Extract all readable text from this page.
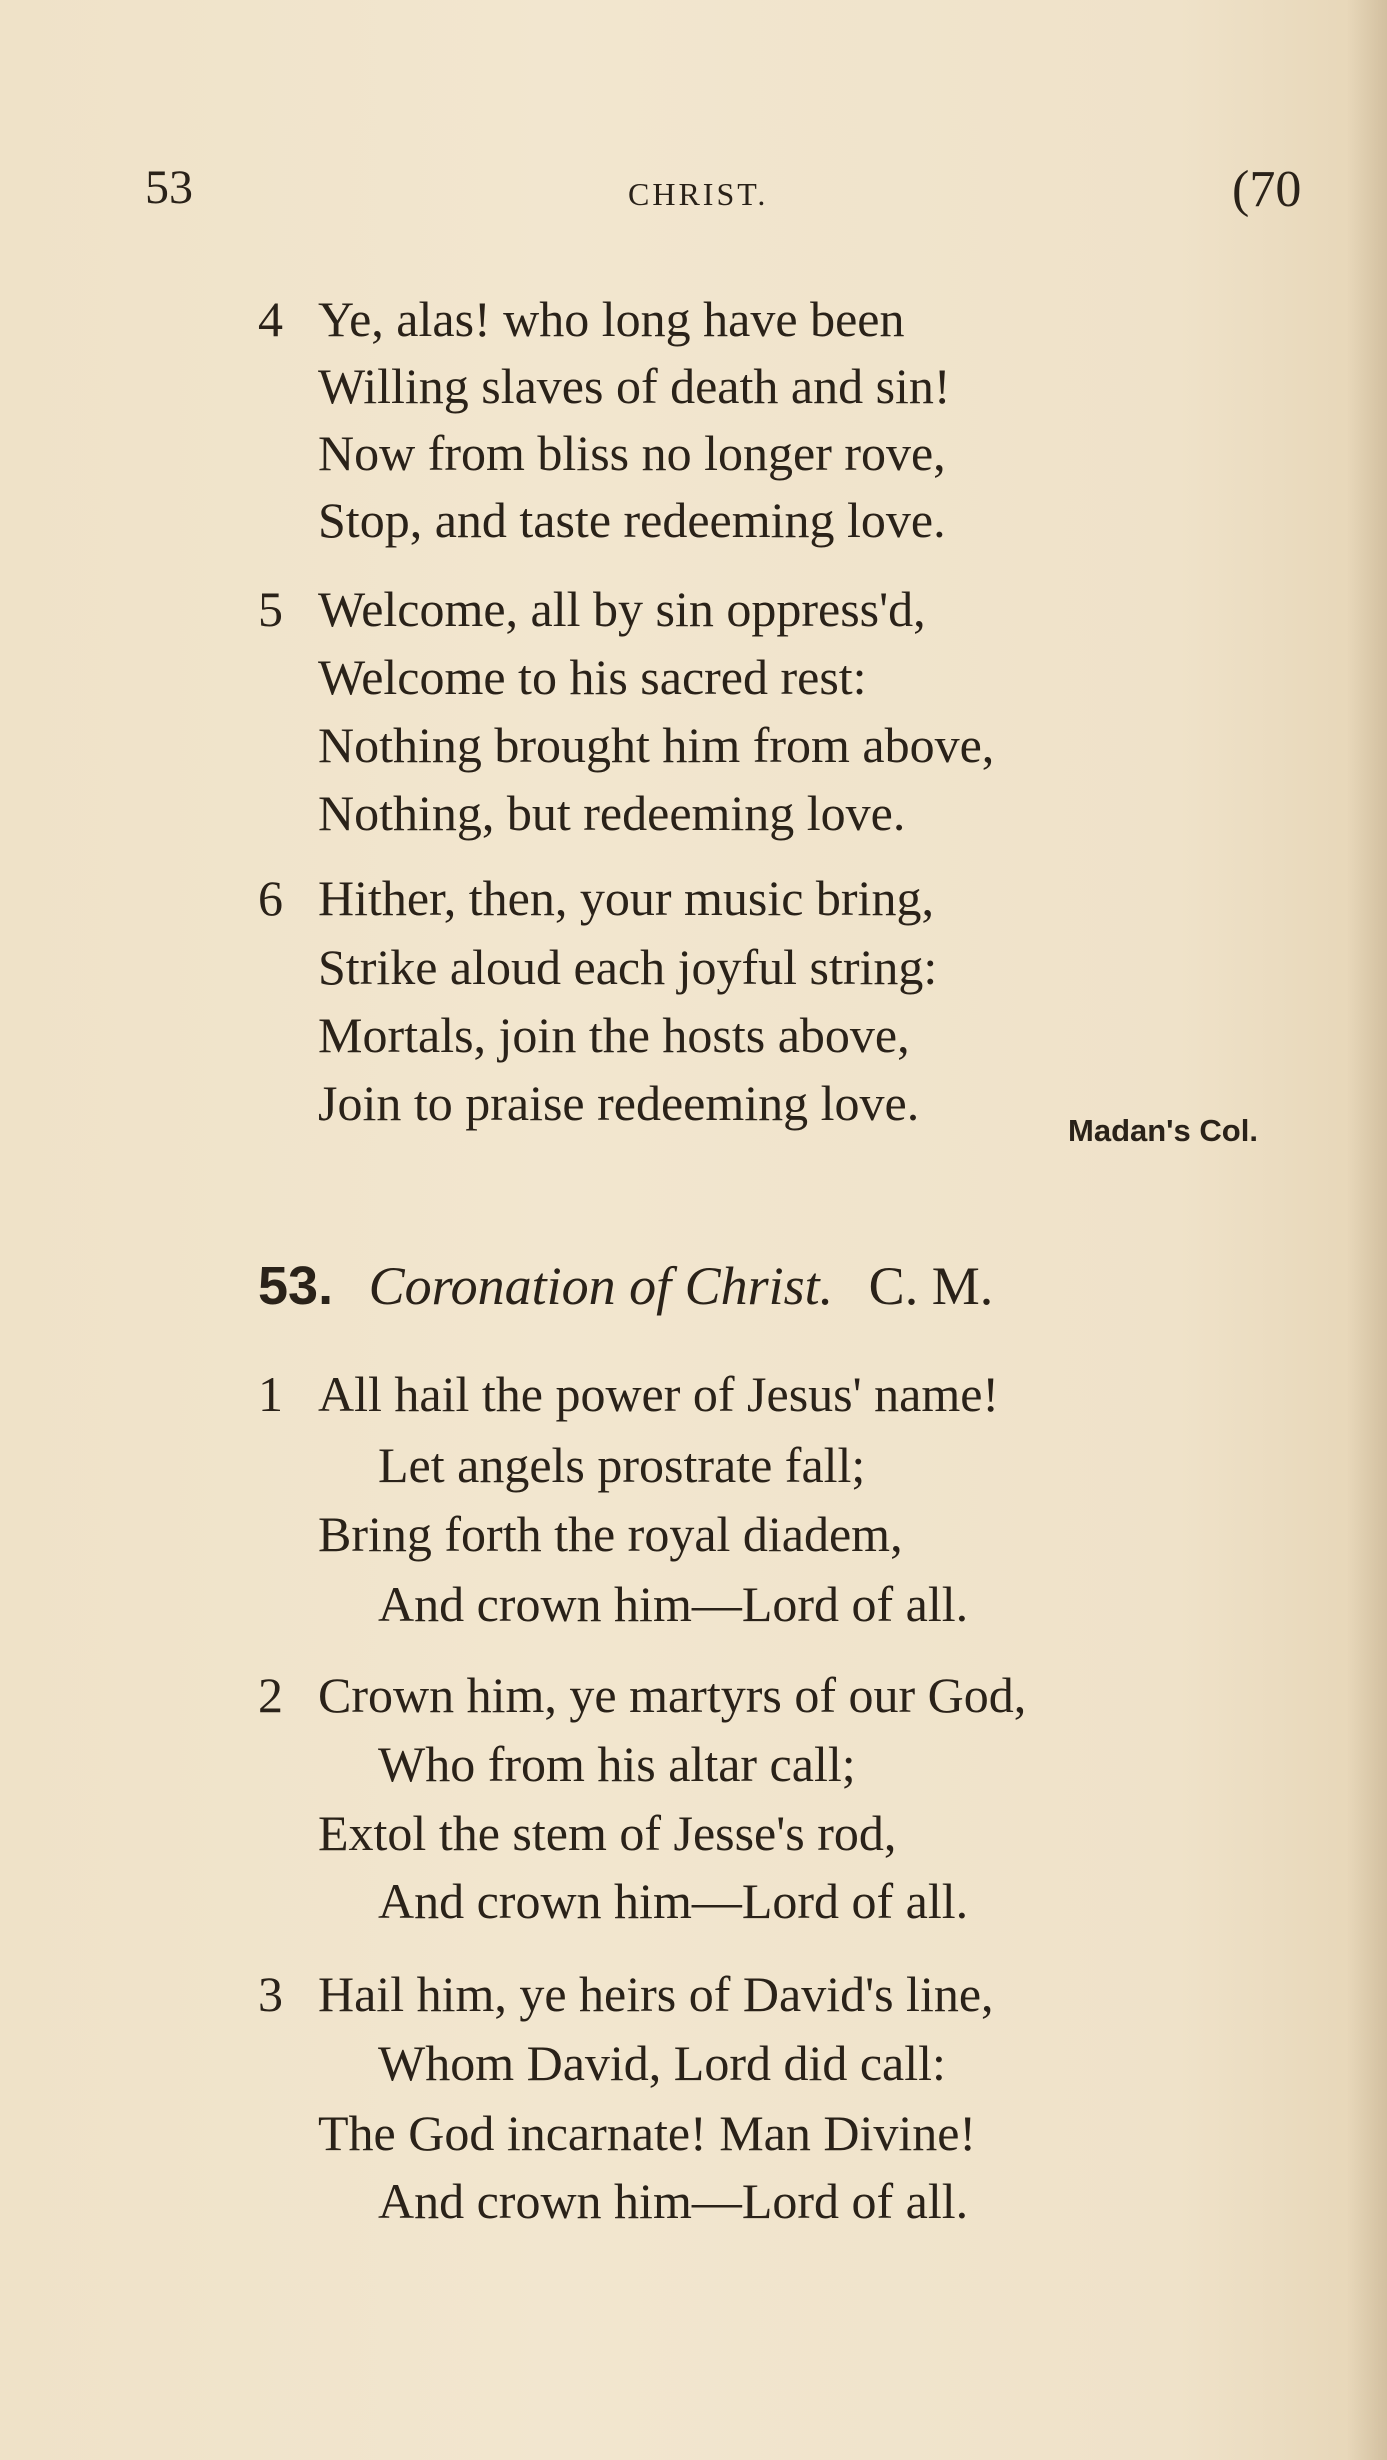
53	CHRIST.	(70
4 Ye, alas! who long have been
Willing slaves of death and sin!
Now from bliss no longer rove,
Stop, and taste redeeming love.
5 Welcome, all by sin oppress'd,
Welcome to his sacred rest:
Nothing brought him from above,
Nothing, but redeeming love.
6 Hither, then, your music bring,
Strike aloud each joyful string:
Mortals, join the hosts above,
Join to praise redeeming love.	Madan's Col.
53. Coronation of Christ. C. M.
1 All hail the power of Jesus' name!
Let angels prostrate fall;
Bring forth the royal diadem,
And crown him—Lord of all.
2 Crown him, ye martyrs of our God,
Who from his altar call;
Extol the stem of Jesse's rod,
And crown him—Lord of all.
3 Hail him, ye heirs of David's line,
Whom David, Lord did call:
The God incarnate! Man Divine!
And crown him—Lord of all.
